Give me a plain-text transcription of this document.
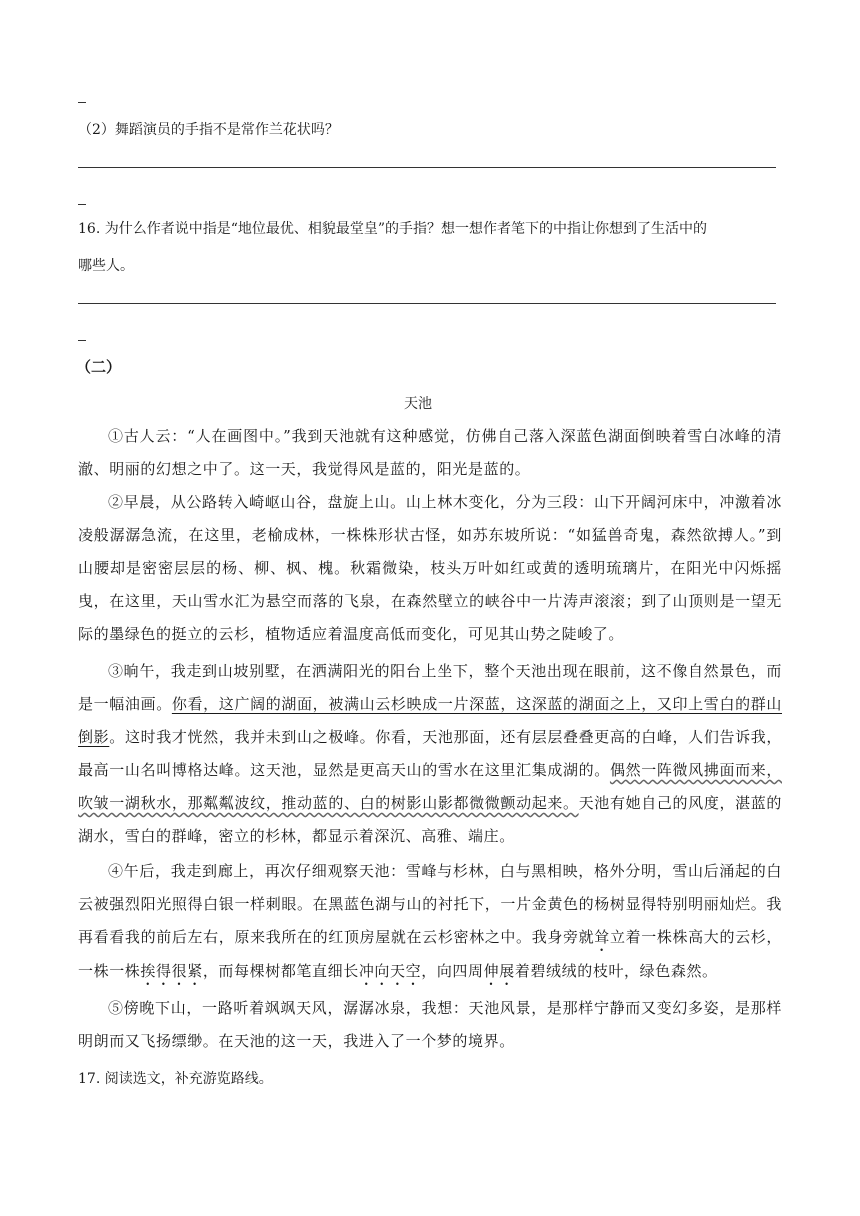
（2）舞蹈演员的手指不是常作兰花状吗？
16. 为什么作者说中指是“地位最优、相貌最堂皇”的手指？想一想作者笔下的中指让你想到了生活中的
哪些人。
（二）
天池
①古人云：“人在画图中。”我到天池就有这种感觉，仿佛自己落入深蓝色湖面倒映着雪白冰峰的清澈、明丽的幻想之中了。这一天，我觉得风是蓝的，阳光是蓝的。
②早晨，从公路转入崎岖山谷，盘旋上山。山上林木变化，分为三段：山下开阔河床中，冲激着冰凌般潺潺急流，在这里，老榆成林，一株株形状古怪，如苏东坡所说：“如猛兽奇鬼，森然欲搏人。”到山腰却是密密层层的杨、柳、枫、槐。秋霜微染，枝头万叶如红或黄的透明琉璃片，在阳光中闪烁摇曳，在这里，天山雪水汇为悬空而落的飞泉，在森然壁立的峡谷中一片涛声滚滚；到了山顶则是一望无际的墨绿色的挺立的云杉，植物适应着温度高低而变化，可见其山势之陡峻了。
③晌午，我走到山坡别墅，在洒满阳光的阳台上坐下，整个天池出现在眼前，这不像自然景色，而是一幅油画。你看，这广阔的湖面，被满山云杉映成一片深蓝，这深蓝的湖面之上，又印上雪白的群山倒影。这时我才恍然，我并未到山之极峰。你看，天池那面，还有层层叠叠更高的白峰，人们告诉我，最高一山名叫博格达峰。这天池，显然是更高天山的雪水在这里汇集成湖的。偶然一阵微风拂面而来，吹皱一湖秋水，那粼粼波纹，推动蓝的、白的树影山影都微微颤动起来。天池有她自己的风度，湛蓝的湖水，雪白的群峰，密立的杉林，都显示着深沉、高雅、端庄。
④午后，我走到廊上，再次仔细观察天池：雪峰与杉林，白与黑相映，格外分明，雪山后涌起的白云被强烈阳光照得白银一样刺眼。在黑蓝色湖与山的衬托下，一片金黄色的杨树显得特别明丽灿烂。我再看看我的前后左右，原来我所在的红顶房屋就在云杉密林之中。我身旁就耸立着一株株高大的云杉，一株一株挨得很紧，而每棵树都笔直细长冲向天空，向四周伸展着碧绒绒的枝叶，绿色森然。
⑤傍晚下山，一路听着飒飒天风，潺潺冰泉，我想：天池风景，是那样宁静而又变幻多姿，是那样明朗而又飞扬缥缈。在天池的这一天，我进入了一个梦的境界。
17. 阅读选文，补充游览路线。
